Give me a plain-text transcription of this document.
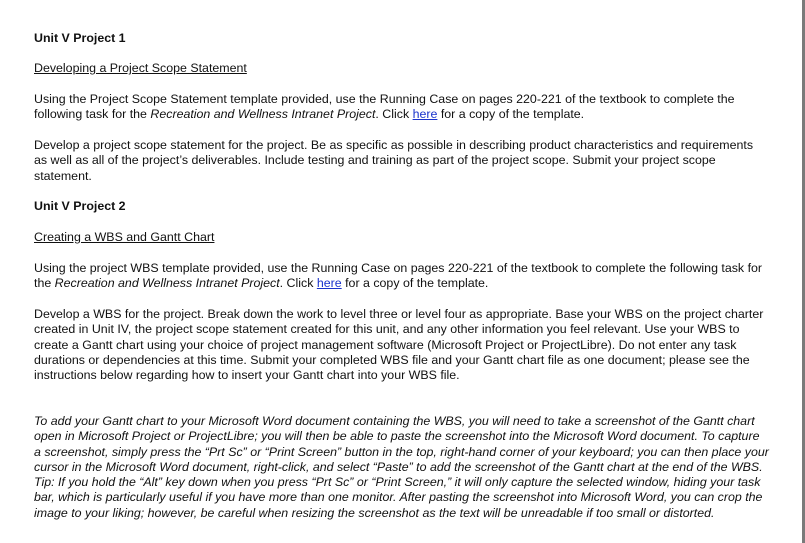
Unit V Project 1
Developing a Project Scope Statement

Using the Project Scope Statement template provided, use the Running Case on pages 220-221 of the textbook to complete the following task for the Recreation and Wellness Intranet Project. Click here for a copy of the template.

Develop a project scope statement for the project. Be as specific as possible in describing product characteristics and requirements as well as all of the project’s deliverables. Include testing and training as part of the project scope. Submit your project scope statement.

Unit V Project 2
Creating a WBS and Gantt Chart

Using the project WBS template provided, use the Running Case on pages 220-221 of the textbook to complete the following task for the Recreation and Wellness Intranet Project. Click here for a copy of the template.

Develop a WBS for the project. Break down the work to level three or level four as appropriate. Base your WBS on the project charter created in Unit IV, the project scope statement created for this unit, and any other information you feel relevant. Use your WBS to create a Gantt chart using your choice of project management software (Microsoft Project or ProjectLibre). Do not enter any task durations or dependencies at this time. Submit your completed WBS file and your Gantt chart file as one document; please see the instructions below regarding how to insert your Gantt chart into your WBS file.

To add your Gantt chart to your Microsoft Word document containing the WBS, you will need to take a screenshot of the Gantt chart open in Microsoft Project or ProjectLibre; you will then be able to paste the screenshot into the Microsoft Word document. To capture a screenshot, simply press the “Prt Sc” or “Print Screen” button in the top, right-hand corner of your keyboard; you can then place your cursor in the Microsoft Word document, right-click, and select “Paste” to add the screenshot of the Gantt chart at the end of the WBS. Tip: If you hold the “Alt” key down when you press “Prt Sc” or “Print Screen,” it will only capture the selected window, hiding your task bar, which is particularly useful if you have more than one monitor. After pasting the screenshot into Microsoft Word, you can crop the image to your liking; however, be careful when resizing the screenshot as the text will be unreadable if too small or distorted.
